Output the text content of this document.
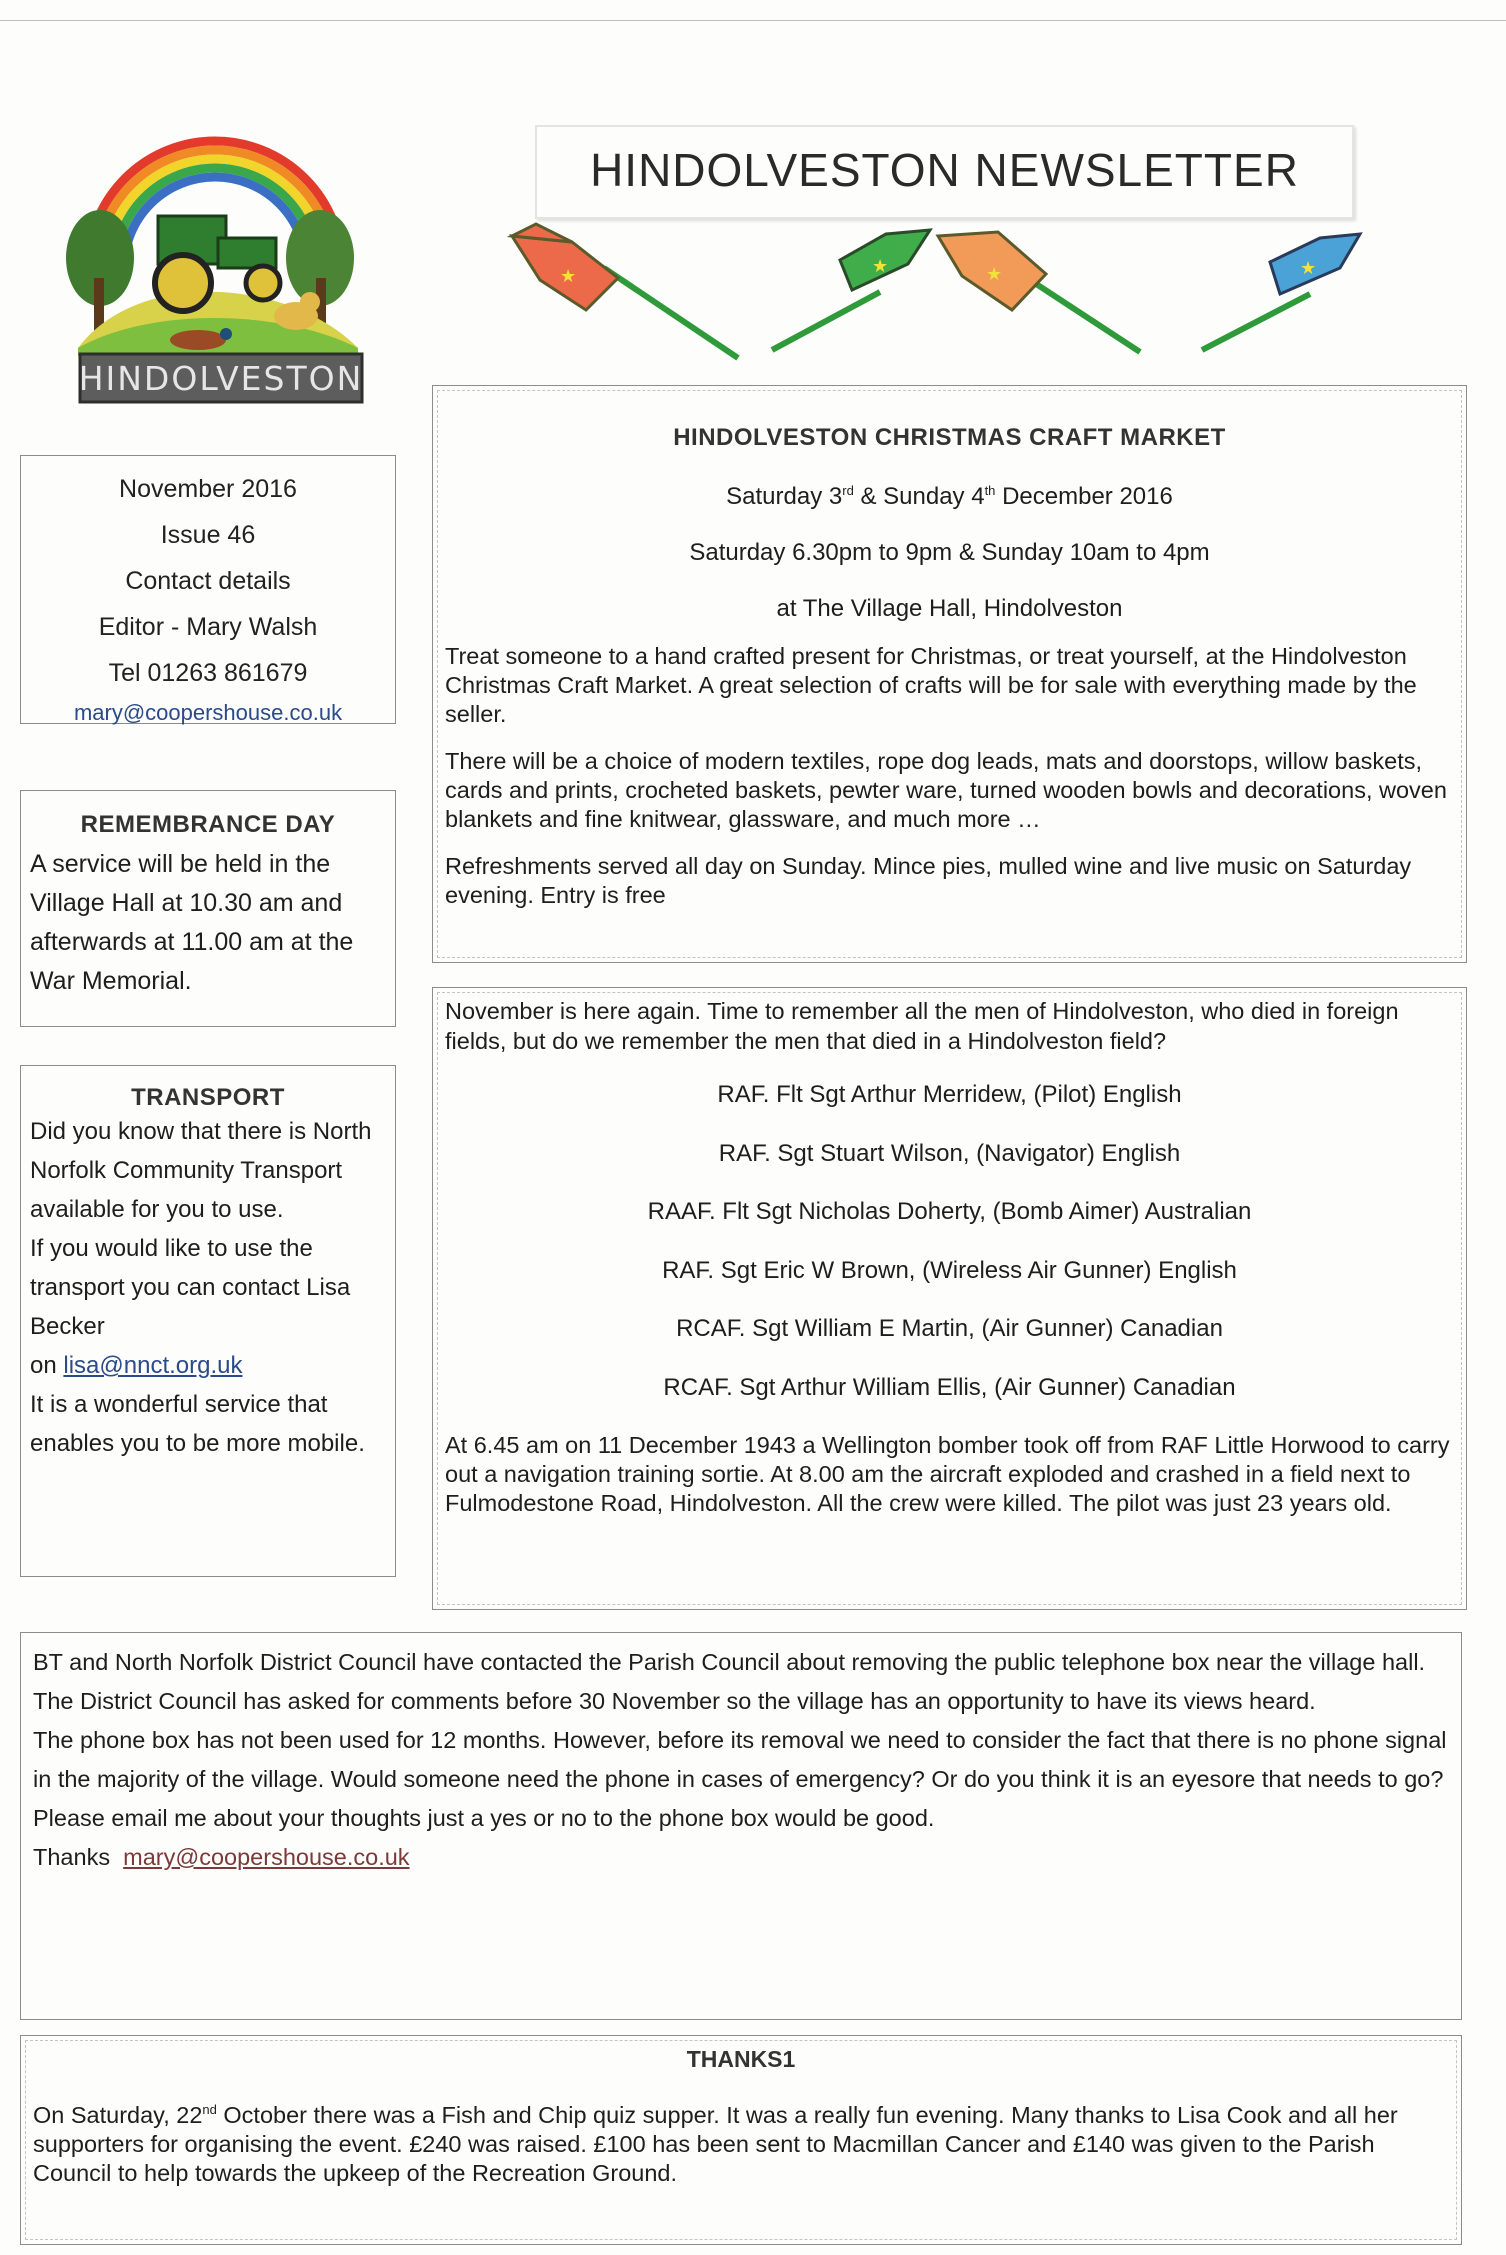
HINDOLVESTON
HINDOLVESTON NEWSLETTER
★	★	★	★
November 2016
Issue 46
Contact details
Editor - Mary Walsh
Tel 01263 861679
mary@coopershouse.co.uk
REMEMBRANCE DAY

A service will be held in the Village Hall at 10.30 am and afterwards at 11.00 am at the War Memorial.

TRANSPORT

Did you know that there is North Norfolk Community Transport available for you to use.

If you would like to use the transport you can contact Lisa Becker

on lisa@nnct.org.uk

It is a wonderful service that enables you to be more mobile.

HINDOLVESTON CHRISTMAS CRAFT MARKET
Saturday 3rd & Sunday 4th December 2016
Saturday 6.30pm to 9pm & Sunday 10am to 4pm
at The Village Hall, Hindolveston

Treat someone to a hand crafted present for Christmas, or treat yourself, at the Hindolveston Christmas Craft Market. A great selection of crafts will be for sale with everything made by the seller.

There will be a choice of modern textiles, rope dog leads, mats and doorstops, willow baskets, cards and prints, crocheted baskets, pewter ware, turned wooden bowls and decorations, woven blankets and fine knitwear, glassware, and much more …

Refreshments served all day on Sunday. Mince pies, mulled wine and live music on Saturday evening. Entry is free

November is here again. Time to remember all the men of Hindolveston, who died in foreign fields, but do we remember the men that died in a Hindolveston field?

RAF. Flt Sgt Arthur Merridew, (Pilot) English
RAF. Sgt Stuart Wilson, (Navigator) English
RAAF. Flt Sgt Nicholas Doherty, (Bomb Aimer) Australian
RAF. Sgt Eric W Brown, (Wireless Air Gunner) English
RCAF. Sgt William E Martin, (Air Gunner) Canadian
RCAF. Sgt Arthur William Ellis, (Air Gunner) Canadian

At 6.45 am on 11 December 1943 a Wellington bomber took off from RAF Little Horwood to carry out a navigation training sortie. At 8.00 am the aircraft exploded and crashed in a field next to Fulmodestone Road, Hindolveston. All the crew were killed. The pilot was just 23 years old.

BT and North Norfolk District Council have contacted the Parish Council about removing the public telephone box near the village hall.

The District Council has asked for comments before 30 November so the village has an opportunity to have its views heard.

The phone box has not been used for 12 months. However, before its removal we need to consider the fact that there is no phone signal in the majority of the village. Would someone need the phone in cases of emergency? Or do you think it is an eyesore that needs to go?

Please email me about your thoughts just a yes or no to the phone box would be good.

Thanks mary@coopershouse.co.uk

THANKS1

On Saturday, 22nd October there was a Fish and Chip quiz supper. It was a really fun evening. Many thanks to Lisa Cook and all her supporters for organising the event. £240 was raised. £100 has been sent to Macmillan Cancer and £140 was given to the Parish Council to help towards the upkeep of the Recreation Ground.
